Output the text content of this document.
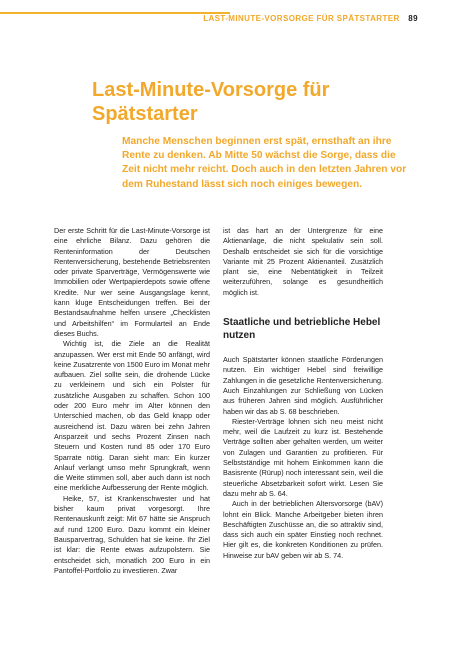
LAST-MINUTE-VORSORGE FÜR SPÄTSTARTER 89
Last-Minute-Vorsorge für
Spätstarter

Manche Menschen beginnen erst spät, ernsthaft an ihre Rente zu denken. Ab Mitte 50 wächst die Sorge, dass die Zeit nicht mehr reicht. Doch auch in den letzten Jahren vor dem Ruhestand lässt sich noch einiges bewegen.

Der erste Schritt für die Last-Minute-Vorsorge ist eine ehrliche Bilanz. Dazu gehören die Renteninformation der Deutschen Rentenversicherung, bestehende Betriebsrenten oder private Sparverträge, Vermögenswerte wie Immobilien oder Wertpapierdepots sowie offene Kredite. Nur wer seine Ausgangslage kennt, kann kluge Entscheidungen treffen. Bei der Bestandsaufnahme helfen unsere „Checklisten und Arbeitshilfen“ im Formularteil an Ende dieses Buchs.

Wichtig ist, die Ziele an die Realität anzupassen. Wer erst mit Ende 50 anfängt, wird keine Zusatzrente von 1500 Euro im Monat mehr aufbauen. Ziel sollte sein, die drohende Lücke zu verkleinern und sich ein Polster für zusätzliche Ausgaben zu schaffen. Schon 100 oder 200 Euro mehr im Alter können den Unterschied machen, ob das Geld knapp oder ausreichend ist. Dazu wären bei zehn Jahren Ansparzeit und sechs Prozent Zinsen nach Steuern und Kosten rund 85 oder 170 Euro Sparrate nötig. Daran sieht man: Ein kurzer Anlauf verlangt umso mehr Sprungkraft, wenn die Weite stimmen soll, aber auch dann ist noch eine merkliche Aufbesserung der Rente möglich.

Heike, 57, ist Krankenschwester und hat bisher kaum privat vorgesorgt. Ihre Rentenauskunft zeigt: Mit 67 hätte sie Anspruch auf rund 1200 Euro. Dazu kommt ein kleiner Bausparvertrag, Schulden hat sie keine. Ihr Ziel ist klar: die Rente etwas aufzupolstern. Sie entscheidet sich, monatlich 200 Euro in ein Pantoffel-Portfolio zu investieren. Zwar

ist das hart an der Untergrenze für eine Aktienanlage, die nicht spekulativ sein soll. Deshalb entscheidet sie sich für die vorsichtige Variante mit 25 Prozent Aktienanteil. Zusätzlich plant sie, eine Nebentätigkeit in Teilzeit weiterzuführen, solange es gesundheitlich möglich ist.

Staatliche und betriebliche Hebel nutzen

Auch Spätstarter können staatliche Förderungen nutzen. Ein wichtiger Hebel sind freiwillige Zahlungen in die gesetzliche Rentenversicherung. Auch Einzahlungen zur Schließung von Lücken aus früheren Jahren sind möglich. Ausführlicher haben wir das ab S. 68 beschrieben.

Riester-Verträge lohnen sich neu meist nicht mehr, weil die Laufzeit zu kurz ist. Bestehende Verträge sollten aber gehalten werden, um weiter von Zulagen und Garantien zu profitieren. Für Selbstständige mit hohem Einkommen kann die Basisrente (Rürup) noch interessant sein, weil die steuerliche Absetzbarkeit sofort wirkt. Lesen Sie dazu mehr ab S. 64.

Auch in der betrieblichen Altersvorsorge (bAV) lohnt ein Blick. Manche Arbeitgeber bieten ihren Beschäftigten Zuschüsse an, die so attraktiv sind, dass sich auch ein später Einstieg noch rechnet. Hier gilt es, die konkreten Konditionen zu prüfen. Hinweise zur bAV geben wir ab S. 74.
